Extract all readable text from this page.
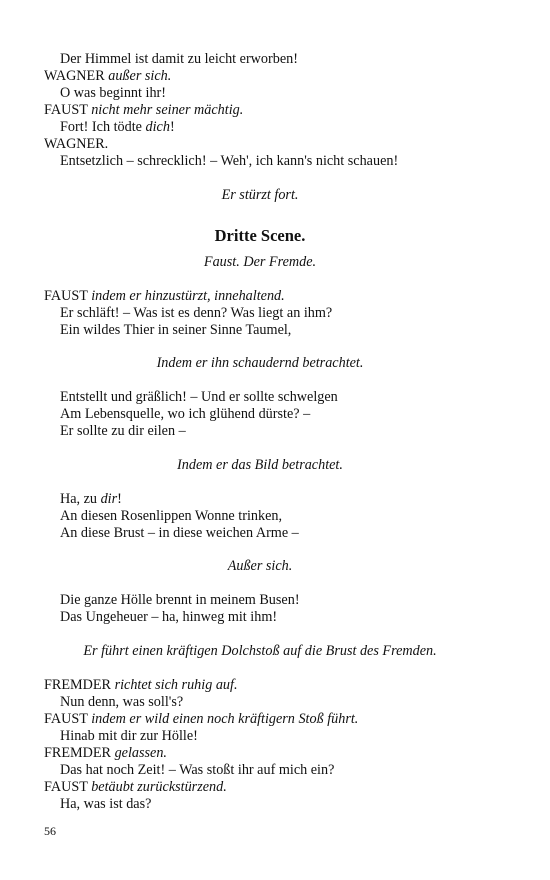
Der Himmel ist damit zu leicht erworben!
WAGNER außer sich.
O was beginnt ihr!
FAUST nicht mehr seiner mächtig.
Fort! Ich tödte dich!
WAGNER.
Entsetzlich – schrecklich! – Weh', ich kann's nicht schauen!
Er stürzt fort.
Dritte Scene.
Faust. Der Fremde.
FAUST indem er hinzustürzt, innehaltend.
Er schläft! – Was ist es denn? Was liegt an ihm?
Ein wildes Thier in seiner Sinne Taumel,
Indem er ihn schaudernd betrachtet.
Entstellt und gräßlich! – Und er sollte schwelgen
Am Lebensquelle, wo ich glühend dürste? –
Er sollte zu dir eilen –
Indem er das Bild betrachtet.
Ha, zu dir!
An diesen Rosenlippen Wonne trinken,
An diese Brust – in diese weichen Arme –
Außer sich.
Die ganze Hölle brennt in meinem Busen!
Das Ungeheuer – ha, hinweg mit ihm!
Er führt einen kräftigen Dolchstoß auf die Brust des Fremden.
FREMDER richtet sich ruhig auf.
Nun denn, was soll's?
FAUST indem er wild einen noch kräftigern Stoß führt.
Hinab mit dir zur Hölle!
FREMDER gelassen.
Das hat noch Zeit! – Was stoßt ihr auf mich ein?
FAUST betäubt zurückstürzend.
Ha, was ist das?
56
